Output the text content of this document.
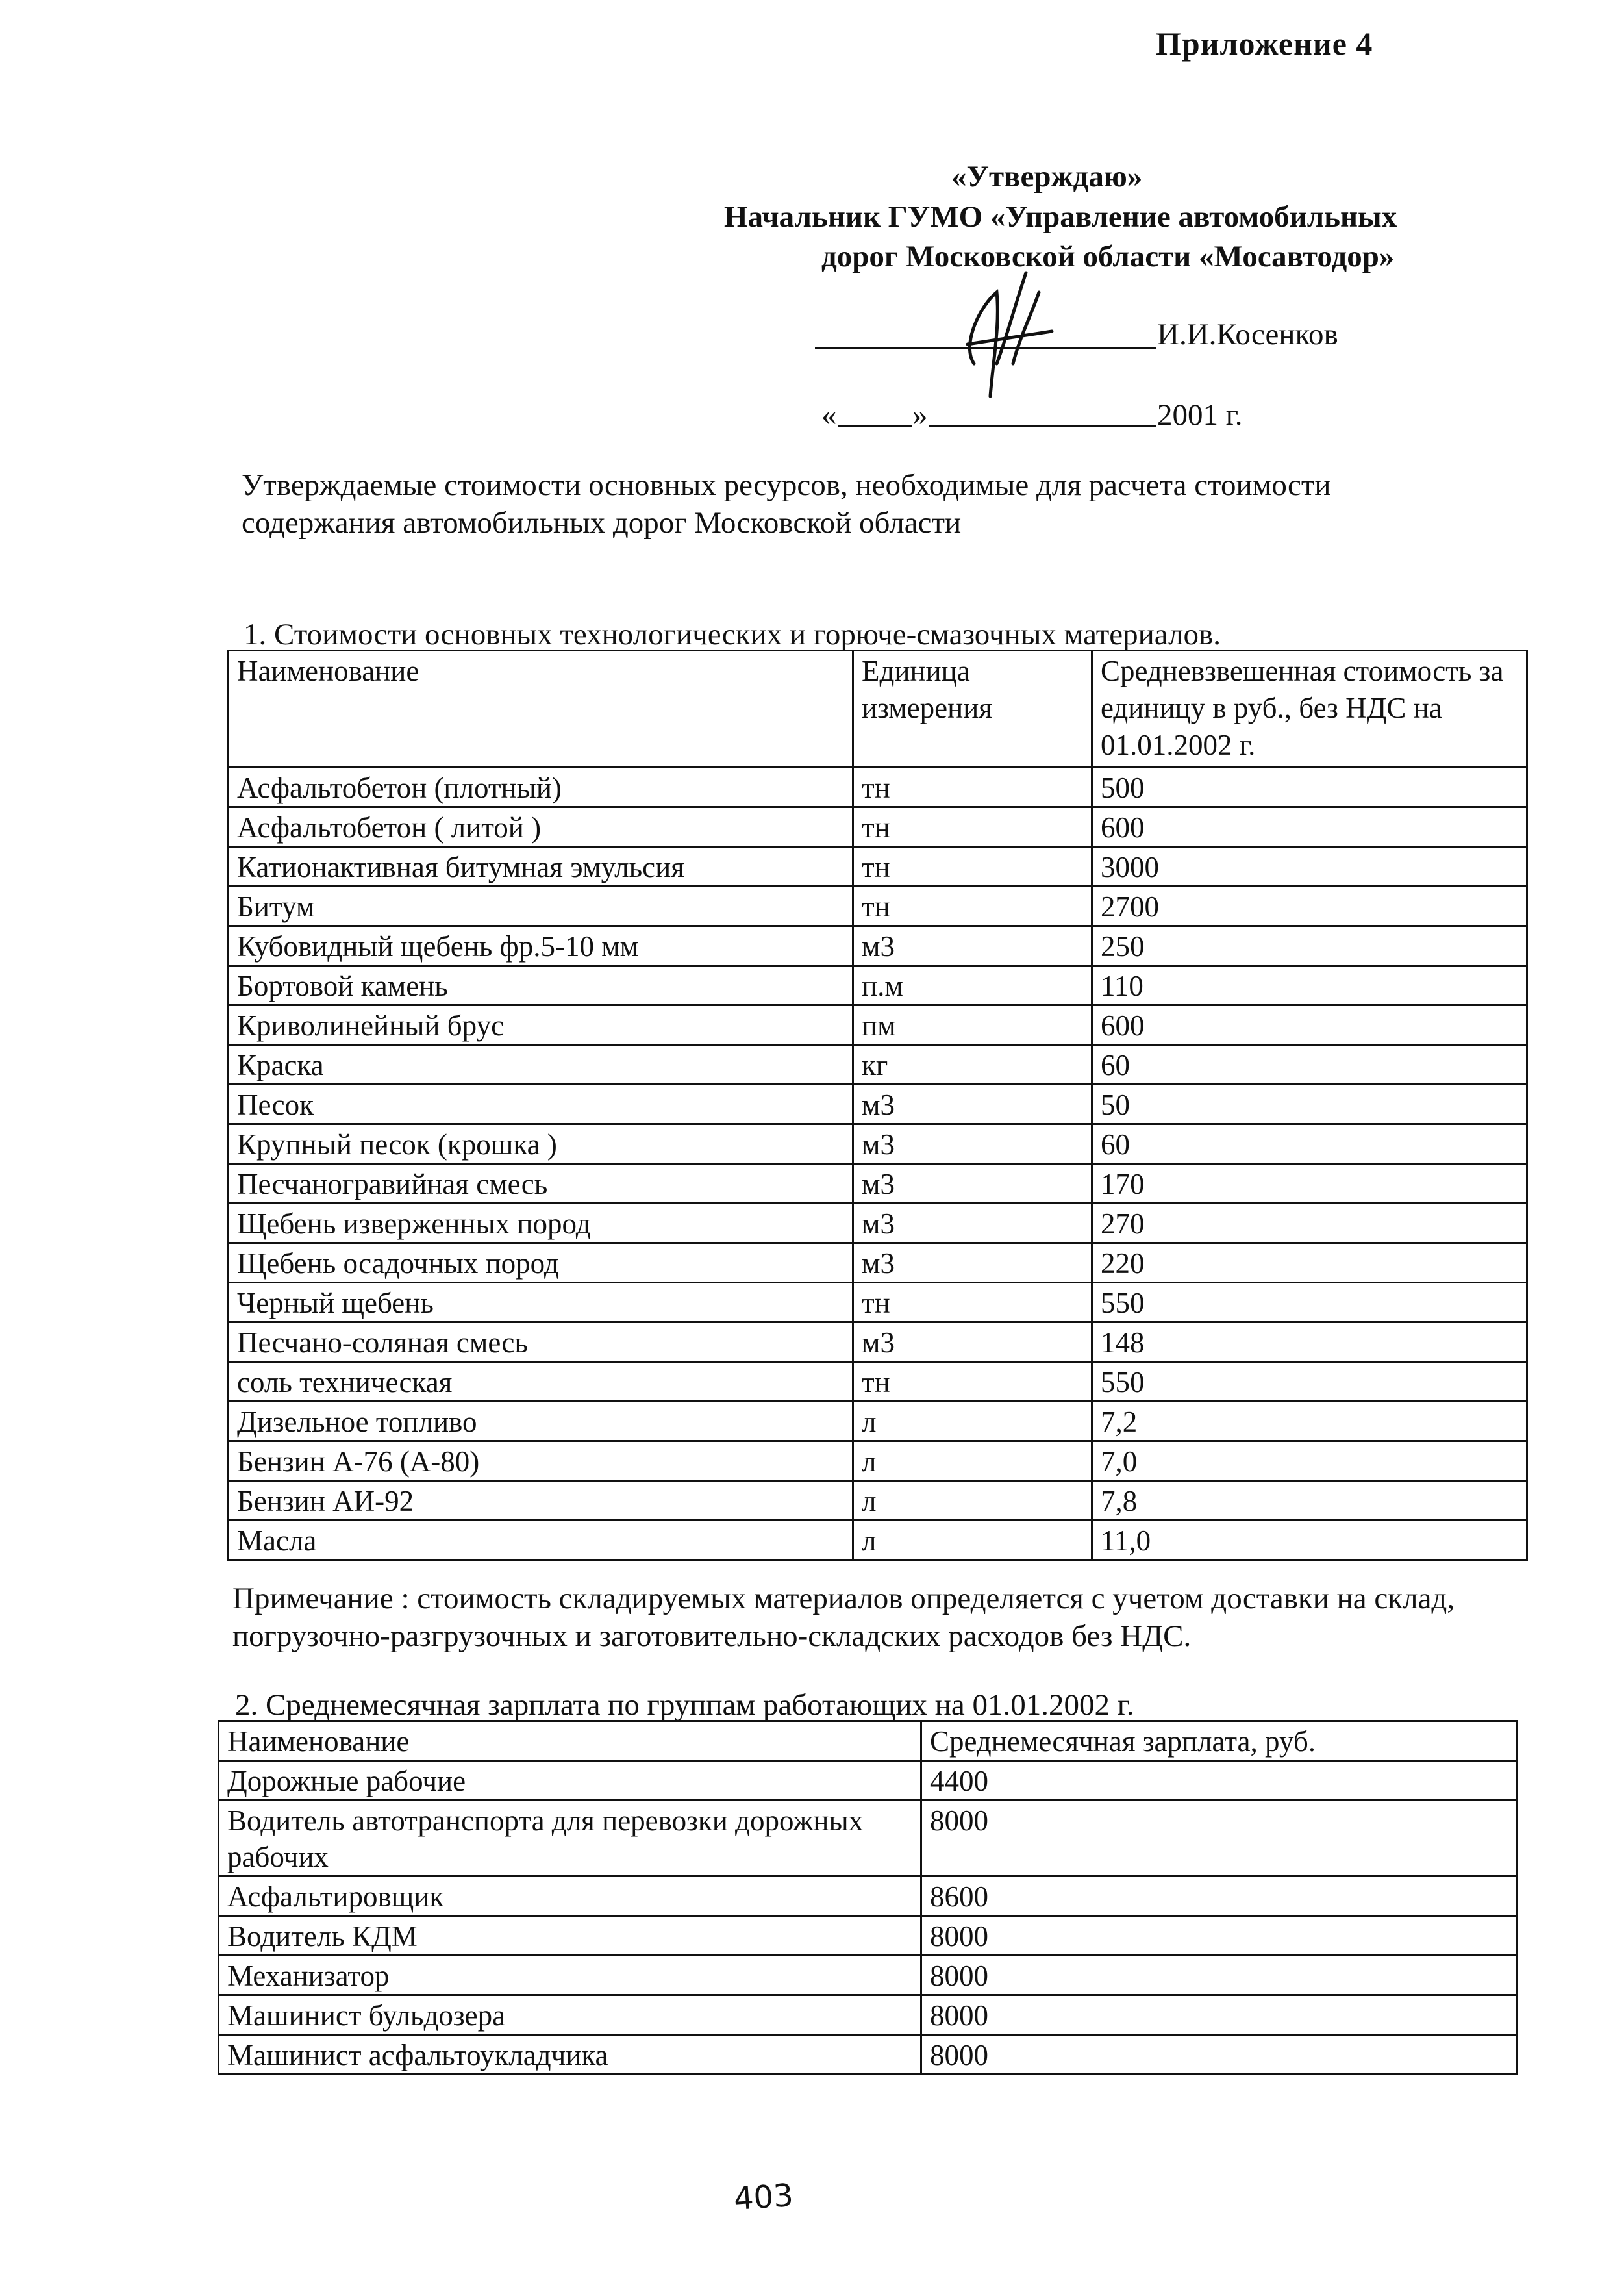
Приложение 4
«Утверждаю»
Начальник ГУМО «Управление автомобильных
дорог Московской области «Мосавтодор»
И.И.Косенков
« »	2001 г.
Утверждаемые стоимости основных ресурсов, необходимые для расчета стоимости содержания автомобильных дорог Московской области
1. Стоимости основных технологических и горюче-смазочных материалов.
Наименование	Единица измерения	Средневзвешенная стоимость за единицу в руб., без НДС на 01.01.2002 г.
Асфальтобетон (плотный)	тн	500
Асфальтобетон ( литой )	тн	600
Катионактивная битумная эмульсия	тн	3000
Битум	тн	2700
Кубовидный щебень фр.5-10 мм	м3	250
Бортовой камень	п.м	110
Криволинейный брус	пм	600
Краска	кг	60
Песок	м3	50
Крупный песок (крошка )	м3	60
Песчаногравийная смесь	м3	170
Щебень изверженных пород	м3	270
Щебень осадочных пород	м3	220
Черный щебень	тн	550
Песчано-соляная смесь	м3	148
соль техническая	тн	550
Дизельное топливо	л	7,2
Бензин А-76 (А-80)	л	7,0
Бензин АИ-92	л	7,8
Масла	л	11,0
Примечание : стоимость складируемых материалов определяется с учетом доставки на склад, погрузочно-разгрузочных и заготовительно-складских расходов без НДС.
2. Среднемесячная зарплата по группам работающих на 01.01.2002 г.
Наименование	Среднемесячная зарплата, руб.
Дорожные рабочие	4400
Водитель автотранспорта для перевозки дорожных рабочих	8000
Асфальтировщик	8600
Водитель КДМ	8000
Механизатор	8000
Машинист бульдозера	8000
Машинист асфальтоукладчика	8000
403
